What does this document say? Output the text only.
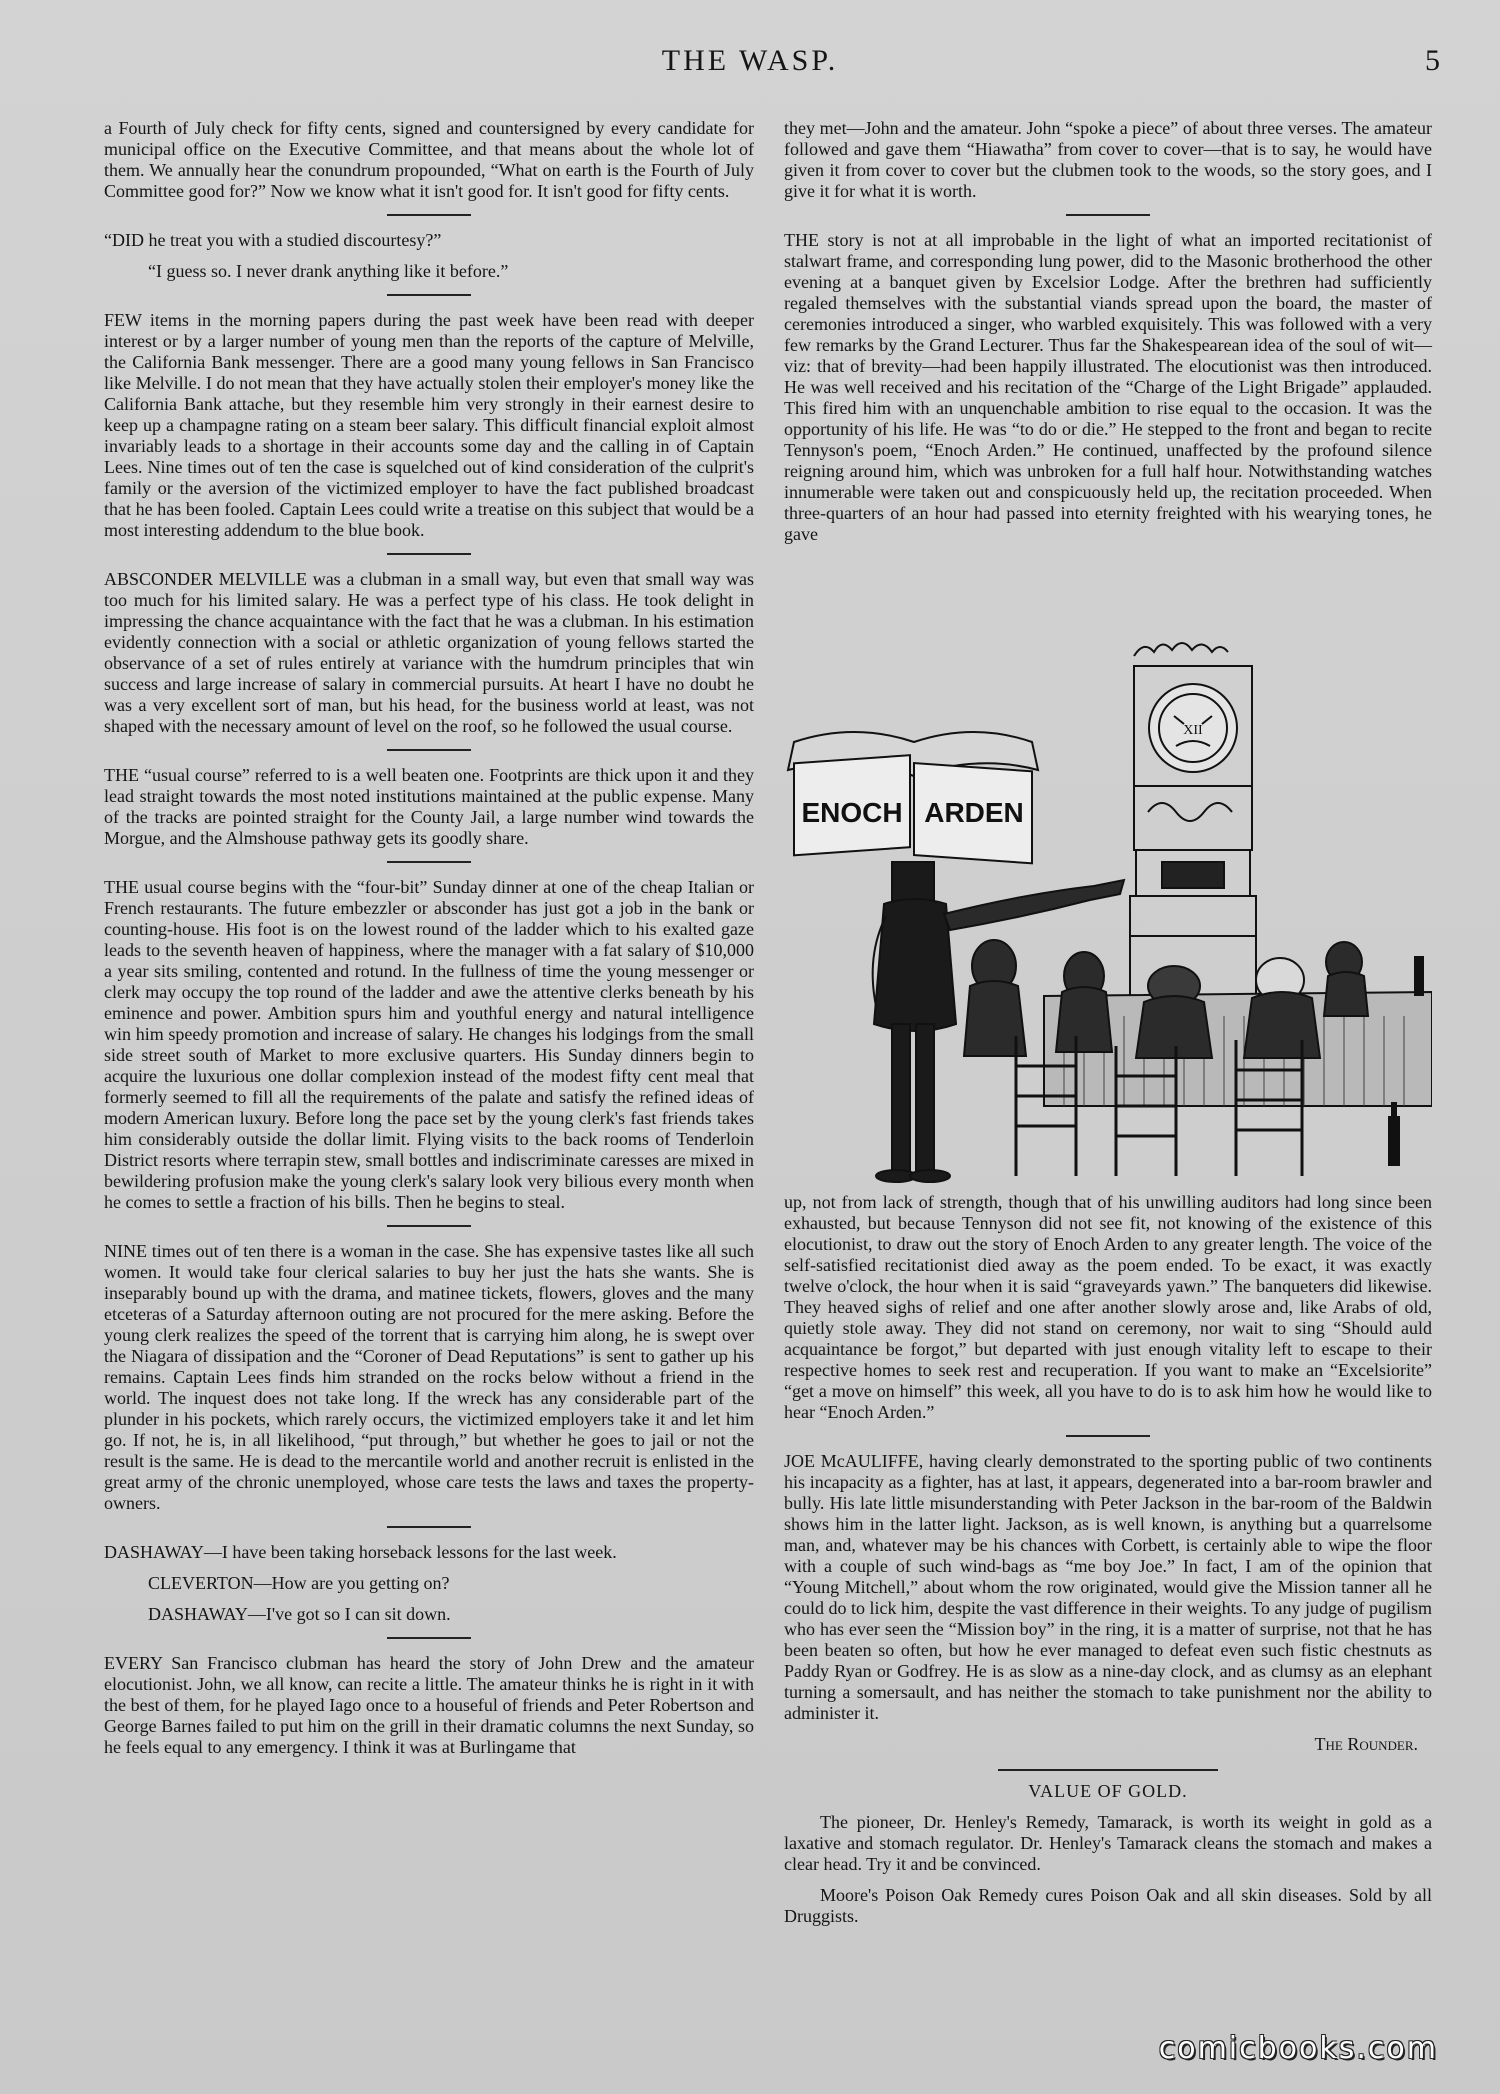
THE WASP.	5

a Fourth of July check for fifty cents, signed and countersigned by every candidate for municipal office on the Executive Committee, and that means about the whole lot of them. We annually hear the conundrum propounded, “What on earth is the Fourth of July Committee good for?” Now we know what it isn't good for. It isn't good for fifty cents.

“DID he treat you with a studied discourtesy?”

“I guess so. I never drank anything like it before.”

FEW items in the morning papers during the past week have been read with deeper interest or by a larger number of young men than the reports of the capture of Melville, the California Bank messenger. There are a good many young fellows in San Francisco like Melville. I do not mean that they have actually stolen their employer's money like the California Bank attache, but they resemble him very strongly in their earnest desire to keep up a champagne rating on a steam beer salary. This difficult financial exploit almost invariably leads to a shortage in their accounts some day and the calling in of Captain Lees. Nine times out of ten the case is squelched out of kind consideration of the culprit's family or the aversion of the victimized employer to have the fact published broadcast that he has been fooled. Captain Lees could write a treatise on this subject that would be a most interesting addendum to the blue book.

ABSCONDER MELVILLE was a clubman in a small way, but even that small way was too much for his limited salary. He was a perfect type of his class. He took delight in impressing the chance acquaintance with the fact that he was a clubman. In his estimation evidently connection with a social or athletic organization of young fellows started the observance of a set of rules entirely at variance with the humdrum principles that win success and large increase of salary in commercial pursuits. At heart I have no doubt he was a very excellent sort of man, but his head, for the business world at least, was not shaped with the necessary amount of level on the roof, so he followed the usual course.

THE “usual course” referred to is a well beaten one. Footprints are thick upon it and they lead straight towards the most noted institutions maintained at the public expense. Many of the tracks are pointed straight for the County Jail, a large number wind towards the Morgue, and the Almshouse pathway gets its goodly share.

THE usual course begins with the “four-bit” Sunday dinner at one of the cheap Italian or French restaurants. The future embezzler or absconder has just got a job in the bank or counting-house. His foot is on the lowest round of the ladder which to his exalted gaze leads to the seventh heaven of happiness, where the manager with a fat salary of $10,000 a year sits smiling, contented and rotund. In the fullness of time the young messenger or clerk may occupy the top round of the ladder and awe the attentive clerks beneath by his eminence and power. Ambition spurs him and youthful energy and natural intelligence win him speedy promotion and increase of salary. He changes his lodgings from the small side street south of Market to more exclusive quarters. His Sunday dinners begin to acquire the luxurious one dollar complexion instead of the modest fifty cent meal that formerly seemed to fill all the requirements of the palate and satisfy the refined ideas of modern American luxury. Before long the pace set by the young clerk's fast friends takes him considerably outside the dollar limit. Flying visits to the back rooms of Tenderloin District resorts where terrapin stew, small bottles and indiscriminate caresses are mixed in bewildering profusion make the young clerk's salary look very bilious every month when he comes to settle a fraction of his bills. Then he begins to steal.

NINE times out of ten there is a woman in the case. She has expensive tastes like all such women. It would take four clerical salaries to buy her just the hats she wants. She is inseparably bound up with the drama, and matinee tickets, flowers, gloves and the many etceteras of a Saturday afternoon outing are not procured for the mere asking. Before the young clerk realizes the speed of the torrent that is carrying him along, he is swept over the Niagara of dissipation and the “Coroner of Dead Reputations” is sent to gather up his remains. Captain Lees finds him stranded on the rocks below without a friend in the world. The inquest does not take long. If the wreck has any considerable part of the plunder in his pockets, which rarely occurs, the victimized employers take it and let him go. If not, he is, in all likelihood, “put through,” but whether he goes to jail or not the result is the same. He is dead to the mercantile world and another recruit is enlisted in the great army of the chronic unemployed, whose care tests the laws and taxes the property-owners.

DASHAWAY—I have been taking horseback lessons for the last week.

CLEVERTON—How are you getting on?

DASHAWAY—I've got so I can sit down.

EVERY San Francisco clubman has heard the story of John Drew and the amateur elocutionist. John, we all know, can recite a little. The amateur thinks he is right in it with the best of them, for he played Iago once to a houseful of friends and Peter Robertson and George Barnes failed to put him on the grill in their dramatic columns the next Sunday, so he feels equal to any emergency. I think it was at Burlingame that

they met—John and the amateur. John “spoke a piece” of about three verses. The amateur followed and gave them “Hiawatha” from cover to cover—that is to say, he would have given it from cover to cover but the clubmen took to the woods, so the story goes, and I give it for what it is worth.

THE story is not at all improbable in the light of what an imported recitationist of stalwart frame, and corresponding lung power, did to the Masonic brotherhood the other evening at a banquet given by Excelsior Lodge. After the brethren had sufficiently regaled themselves with the substantial viands spread upon the board, the master of ceremonies introduced a singer, who warbled exquisitely. This was followed with a very few remarks by the Grand Lecturer. Thus far the Shakespearean idea of the soul of wit—viz: that of brevity—had been happily illustrated. The elocutionist was then introduced. He was well received and his recitation of the “Charge of the Light Brigade” applauded. This fired him with an unquenchable ambition to rise equal to the occasion. It was the opportunity of his life. He was “to do or die.” He stepped to the front and began to recite Tennyson's poem, “Enoch Arden.” He continued, unaffected by the profound silence reigning around him, which was unbroken for a full half hour. Notwithstanding watches innumerable were taken out and conspicuously held up, the recitation proceeded. When three-quarters of an hour had passed into eternity freighted with his wearying tones, he gave

XII
ENOCH ARDEN

up, not from lack of strength, though that of his unwilling auditors had long since been exhausted, but because Tennyson did not see fit, not knowing of the existence of this elocutionist, to draw out the story of Enoch Arden to any greater length. The voice of the self-satisfied recitationist died away as the poem ended. To be exact, it was exactly twelve o'clock, the hour when it is said “graveyards yawn.” The banqueters did likewise. They heaved sighs of relief and one after another slowly arose and, like Arabs of old, quietly stole away. They did not stand on ceremony, nor wait to sing “Should auld acquaintance be forgot,” but departed with just enough vitality left to escape to their respective homes to seek rest and recuperation. If you want to make an “Excelsiorite” “get a move on himself” this week, all you have to do is to ask him how he would like to hear “Enoch Arden.”

JOE McAULIFFE, having clearly demonstrated to the sporting public of two continents his incapacity as a fighter, has at last, it appears, degenerated into a bar-room brawler and bully. His late little misunderstanding with Peter Jackson in the bar-room of the Baldwin shows him in the latter light. Jackson, as is well known, is anything but a quarrelsome man, and, whatever may be his chances with Corbett, is certainly able to wipe the floor with a couple of such wind-bags as “me boy Joe.” In fact, I am of the opinion that “Young Mitchell,” about whom the row originated, would give the Mission tanner all he could do to lick him, despite the vast difference in their weights. To any judge of pugilism who has ever seen the “Mission boy” in the ring, it is a matter of surprise, not that he has been beaten so often, but how he ever managed to defeat even such fistic chestnuts as Paddy Ryan or Godfrey. He is as slow as a nine-day clock, and as clumsy as an elephant turning a somersault, and has neither the stomach to take punishment nor the ability to administer it.

The Rounder.

VALUE OF GOLD.

The pioneer, Dr. Henley's Remedy, Tamarack, is worth its weight in gold as a laxative and stomach regulator. Dr. Henley's Tamarack cleans the stomach and makes a clear head. Try it and be convinced.

Moore's Poison Oak Remedy cures Poison Oak and all skin diseases. Sold by all Druggists.

comicbooks.com
